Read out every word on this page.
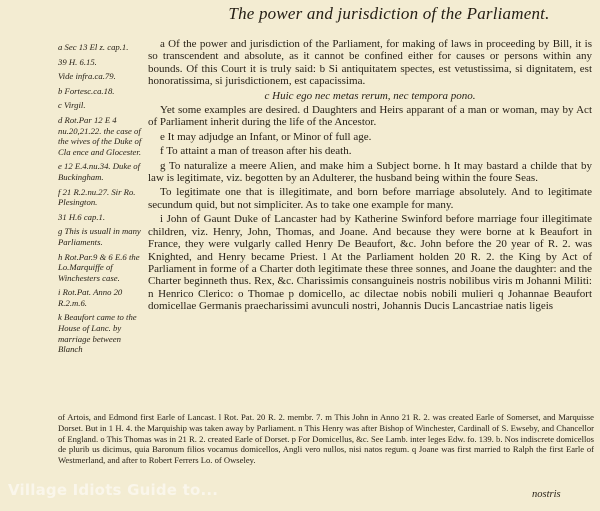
The power and jurisdiction of the Parliament.
a Sec 13 El z. cap.1.
39 H. 6.15.
Vide infra.ca.79.
b Fortesc.ca.18.
c Virgil.
d Rot.Par 12 E 4 nu.20,21.22. the case of the wives of the Duke of Cla ence and Glocester.
e 12 E.4.nu.34. Duke of Buckingham.
f 21 R.2.nu.27. Sir Ro. Plesington.
31 H.6 cap.1.
g This is usuall in many Parliaments.
h Rot.Par.9 & 6 E.6 the Lo.Marquiffe of Winchesters case.
i Rot.Pat. Anno 20 R.2.m.6.
k Beaufort came to the House of Lanc. by marriage between Blanch

a Of the power and jurisdiction of the Parliament, for making of laws in proceeding by Bill, it is so transcendent and absolute, as it cannot be confined either for causes or persons within any bounds. Of this Court it is truly said: b Si antiquitatem spectes, est vetustissima, si dignitatem, est honoratissima, si jurisdictionem, est capacissima.

c Huic ego nec metas rerum, nec tempora pono.

Yet some examples are desired. d Daughters and Heirs apparant of a man or woman, may by Act of Parliament inherit during the life of the Ancestor.

e It may adjudge an Infant, or Minor of full age.

f To attaint a man of treason after his death.

g To naturalize a meere Alien, and make him a Subject borne. h It may bastard a childe that by law is legitimate, viz. begotten by an Adulterer, the husband being within the foure Seas.

To legitimate one that is illegitimate, and born before marriage absolutely. And to legitimate secundum quid, but not simpliciter. As to take one example for many.

i John of Gaunt Duke of Lancaster had by Katherine Swinford before marriage four illegitimate children, viz. Henry, John, Thomas, and Joane. And because they were borne at k Beaufort in France, they were vulgarly called Henry De Beaufort, &c. John before the 20 year of R. 2. was Knighted, and Henry became Priest. l At the Parliament holden 20 R. 2. the King by Act of Parliament in forme of a Charter doth legitimate these three sonnes, and Joane the daughter: and the Charter beginneth thus. Rex, &c. Charissimis consanguineis nostris nobilibus viris m Johanni Militi: n Henrico Clerico: o Thomae p domicello, ac dilectae nobis nobili mulieri q Johannae Beaufort domicellae Germanis praecharissimi avunculi nostri, Johannis Ducis Lancastriae natis ligeis

of Artois, and Edmond first Earle of Lancast. l Rot. Pat. 20 R. 2. membr. 7. m This John in Anno 21 R. 2. was created Earle of Somerset, and Marquisse Dorset. But in 1 H. 4. the Marquiship was taken away by Parliament. n This Henry was after Bishop of Winchester, Cardinall of S. Ewseby, and Chancellor of England. o This Thomas was in 21 R. 2. created Earle of Dorset. p For Domicellus, &c. See Lamb. inter leges Edw. fo. 139. b. Nos indiscrete domicellos de plurib us dicimus, quia Baronum filios vocamus domicellos, Angli vero nullos, nisi natos regum. q Joane was first married to Ralph the first Earle of Westmerland, and after to Robert Ferrers Lo. of Owseley.
Village Idiots Guide to...	nostris
